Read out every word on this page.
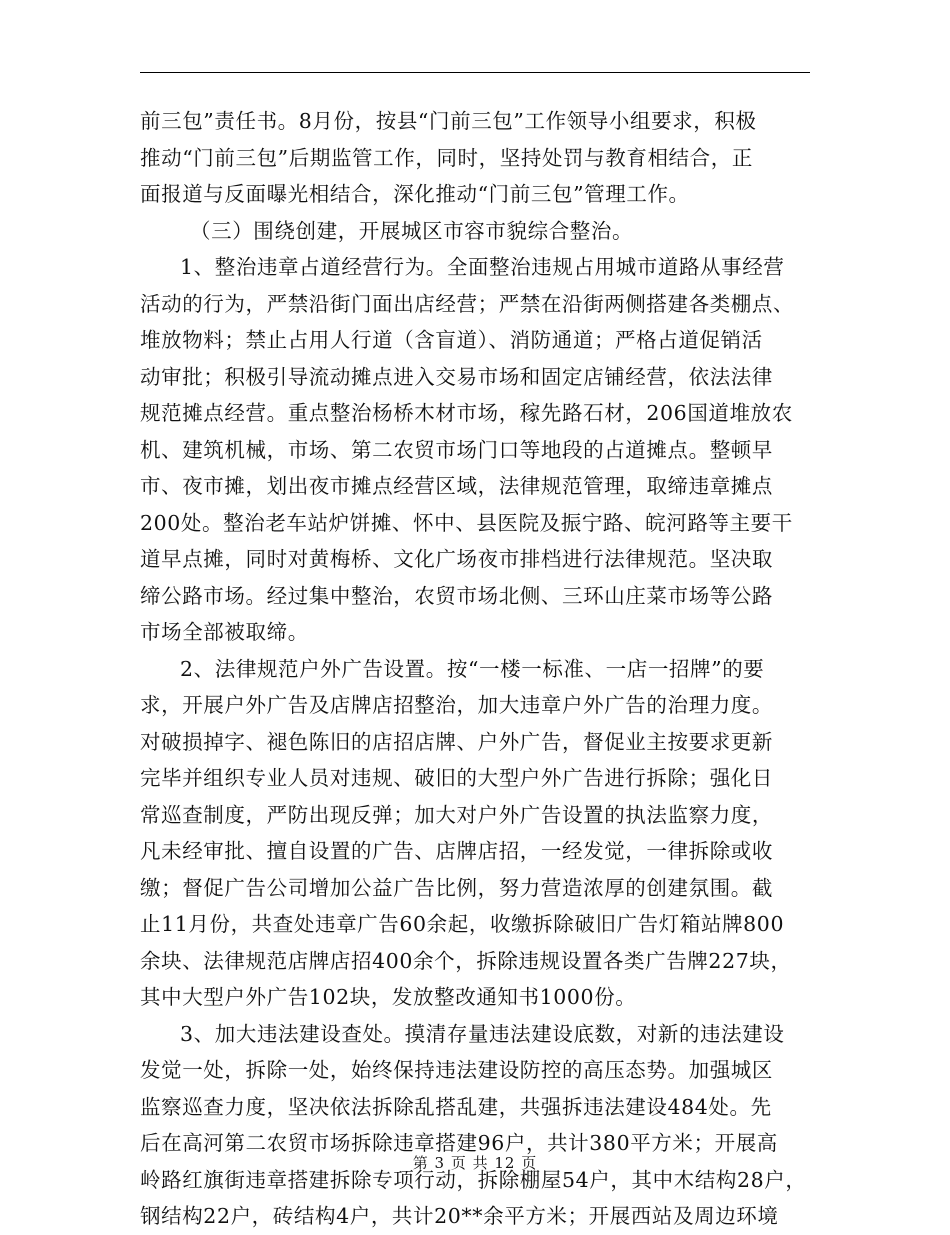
前三包”责任书。8月份，按县“门前三包”工作领导小组要求，积极
推动“门前三包”后期监管工作，同时，坚持处罚与教育相结合，正
面报道与反面曝光相结合，深化推动“门前三包”管理工作。
（三）围绕创建，开展城区市容市貌综合整治。
1、整治违章占道经营行为。全面整治违规占用城市道路从事经营
活动的行为，严禁沿街门面出店经营；严禁在沿街两侧搭建各类棚点、
堆放物料；禁止占用人行道（含盲道）、消防通道；严格占道促销活
动审批；积极引导流动摊点进入交易市场和固定店铺经营，依法法律
规范摊点经营。重点整治杨桥木材市场，稼先路石材，206国道堆放农
机、建筑机械，市场、第二农贸市场门口等地段的占道摊点。整顿早
市、夜市摊，划出夜市摊点经营区域，法律规范管理，取缔违章摊点
200处。整治老车站炉饼摊、怀中、县医院及振宁路、皖河路等主要干
道早点摊，同时对黄梅桥、文化广场夜市排档进行法律规范。坚决取
缔公路市场。经过集中整治，农贸市场北侧、三环山庄菜市场等公路
市场全部被取缔。
2、法律规范户外广告设置。按“一楼一标准、一店一招牌”的要
求，开展户外广告及店牌店招整治，加大违章户外广告的治理力度。
对破损掉字、褪色陈旧的店招店牌、户外广告，督促业主按要求更新
完毕并组织专业人员对违规、破旧的大型户外广告进行拆除；强化日
常巡查制度，严防出现反弹；加大对户外广告设置的执法监察力度，
凡未经审批、擅自设置的广告、店牌店招，一经发觉，一律拆除或收
缴；督促广告公司增加公益广告比例，努力营造浓厚的创建氛围。截
止11月份，共查处违章广告60余起，收缴拆除破旧广告灯箱站牌800
余块、法律规范店牌店招400余个，拆除违规设置各类广告牌227块，
其中大型户外广告102块，发放整改通知书1000份。
3、加大违法建设查处。摸清存量违法建设底数，对新的违法建设
发觉一处，拆除一处，始终保持违法建设防控的高压态势。加强城区
监察巡查力度，坚决依法拆除乱搭乱建，共强拆违法建设484处。先
后在高河第二农贸市场拆除违章搭建96户，共计380平方米；开展高
岭路红旗街违章搭建拆除专项行动，拆除棚屋54户，其中木结构28户，
钢结构22户，砖结构4户，共计20**余平方米；开展西站及周边环境
第 3 页 共 12 页
